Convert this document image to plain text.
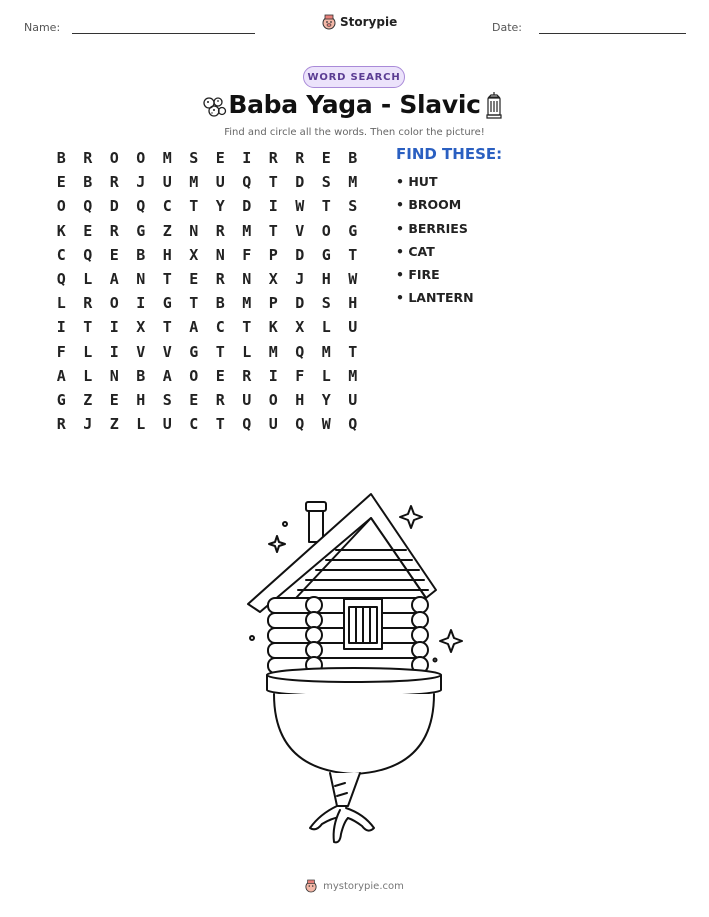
Name:	Storypie	Date:
WORD SEARCH
Baba Yaga - Slavic
Find and circle all the words. Then color the picture!
B	R	O	O	M	S	E	I	R	R	E	B
E	B	R	J	U	M	U	Q	T	D	S	M
O	Q	D	Q	C	T	Y	D	I	W	T	S
K	E	R	G	Z	N	R	M	T	V	O	G
C	Q	E	B	H	X	N	F	P	D	G	T
Q	L	A	N	T	E	R	N	X	J	H	W
L	R	O	I	G	T	B	M	P	D	S	H
I	T	I	X	T	A	C	T	K	X	L	U
F	L	I	V	V	G	T	L	M	Q	M	T
A	L	N	B	A	O	E	R	I	F	L	M
G	Z	E	H	S	E	R	U	O	H	Y	U
R	J	Z	L	U	C	T	Q	U	Q	W	Q
FIND THESE:
• HUT
• BROOM
• BERRIES
• CAT
• FIRE
• LANTERN
mystorypie.com
